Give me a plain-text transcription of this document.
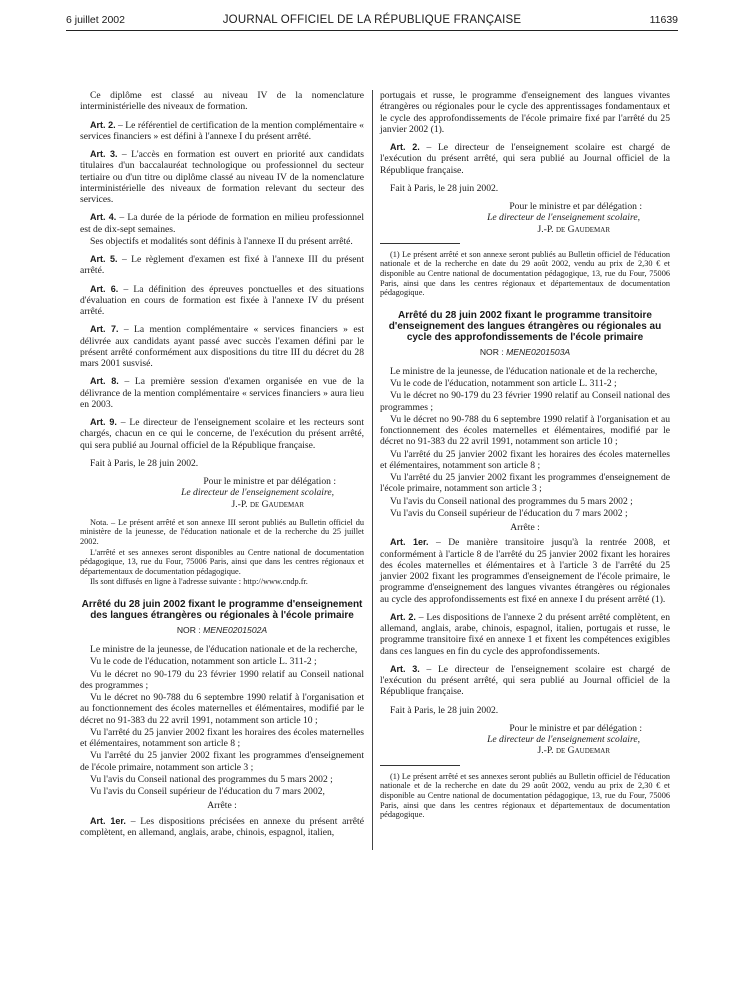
6 juillet 2002	JOURNAL OFFICIEL DE LA RÉPUBLIQUE FRANÇAISE	11639

Ce diplôme est classé au niveau IV de la nomenclature interministérielle des niveaux de formation.

Art. 2. – Le référentiel de certification de la mention complémentaire « services financiers » est défini à l'annexe I du présent arrêté.

Art. 3. – L'accès en formation est ouvert en priorité aux candidats titulaires d'un baccalauréat technologique ou professionnel du secteur tertiaire ou d'un titre ou diplôme classé au niveau IV de la nomenclature interministérielle des niveaux de formation relevant du secteur des services.

Art. 4. – La durée de la période de formation en milieu professionnel est de dix-sept semaines.

Ses objectifs et modalités sont définis à l'annexe II du présent arrêté.

Art. 5. – Le règlement d'examen est fixé à l'annexe III du présent arrêté.

Art. 6. – La définition des épreuves ponctuelles et des situations d'évaluation en cours de formation est fixée à l'annexe IV du présent arrêté.

Art. 7. – La mention complémentaire « services financiers » est délivrée aux candidats ayant passé avec succès l'examen défini par le présent arrêté conformément aux dispositions du titre III du décret du 28 mars 2001 susvisé.

Art. 8. – La première session d'examen organisée en vue de la délivrance de la mention complémentaire « services financiers » aura lieu en 2003.

Art. 9. – Le directeur de l'enseignement scolaire et les recteurs sont chargés, chacun en ce qui le concerne, de l'exécution du présent arrêté, qui sera publié au Journal officiel de la République française.

Fait à Paris, le 28 juin 2002.

Pour le ministre et par délégation :

Le directeur de l'enseignement scolaire,

J.-P. de Gaudemar

Nota. – Le présent arrêté et son annexe III seront publiés au Bulletin officiel du ministère de la jeunesse, de l'éducation nationale et de la recherche du 25 juillet 2002.

L'arrêté et ses annexes seront disponibles au Centre national de documentation pédagogique, 13, rue du Four, 75006 Paris, ainsi que dans les centres régionaux et départementaux de documentation pédagogique.

Ils sont diffusés en ligne à l'adresse suivante : http://www.cndp.fr.

Arrêté du 28 juin 2002 fixant le programme d'enseignement des langues étrangères ou régionales à l'école primaire

NOR : MENE0201502A

Le ministre de la jeunesse, de l'éducation nationale et de la recherche,

Vu le code de l'éducation, notamment son article L. 311-2 ;

Vu le décret no 90-179 du 23 février 1990 relatif au Conseil national des programmes ;

Vu le décret no 90-788 du 6 septembre 1990 relatif à l'organisation et au fonctionnement des écoles maternelles et élémentaires, modifié par le décret no 91-383 du 22 avril 1991, notamment son article 10 ;

Vu l'arrêté du 25 janvier 2002 fixant les horaires des écoles maternelles et élémentaires, notamment son article 8 ;

Vu l'arrêté du 25 janvier 2002 fixant les programmes d'enseignement de l'école primaire, notamment son article 3 ;

Vu l'avis du Conseil national des programmes du 5 mars 2002 ;

Vu l'avis du Conseil supérieur de l'éducation du 7 mars 2002,

Arrête :

Art. 1er. – Les dispositions précisées en annexe du présent arrêté complètent, en allemand, anglais, arabe, chinois, espagnol, italien,

portugais et russe, le programme d'enseignement des langues vivantes étrangères ou régionales pour le cycle des apprentissages fondamentaux et le cycle des approfondissements de l'école primaire fixé par l'arrêté du 25 janvier 2002 (1).

Art. 2. – Le directeur de l'enseignement scolaire est chargé de l'exécution du présent arrêté, qui sera publié au Journal officiel de la République française.

Fait à Paris, le 28 juin 2002.

Pour le ministre et par délégation :

Le directeur de l'enseignement scolaire,

J.-P. de Gaudemar

(1) Le présent arrêté et son annexe seront publiés au Bulletin officiel de l'éducation nationale et de la recherche en date du 29 août 2002, vendu au prix de 2,30 € et disponible au Centre national de documentation pédagogique, 13, rue du Four, 75006 Paris, ainsi que dans les centres régionaux et départementaux de documentation pédagogique.

Arrêté du 28 juin 2002 fixant le programme transitoire d'enseignement des langues étrangères ou régionales au cycle des approfondissements de l'école primaire

NOR : MENE0201503A

Le ministre de la jeunesse, de l'éducation nationale et de la recherche,

Vu le code de l'éducation, notamment son article L. 311-2 ;

Vu le décret no 90-179 du 23 février 1990 relatif au Conseil national des programmes ;

Vu le décret no 90-788 du 6 septembre 1990 relatif à l'organisation et au fonctionnement des écoles maternelles et élémentaires, modifié par le décret no 91-383 du 22 avril 1991, notamment son article 10 ;

Vu l'arrêté du 25 janvier 2002 fixant les horaires des écoles maternelles et élémentaires, notamment son article 8 ;

Vu l'arrêté du 25 janvier 2002 fixant les programmes d'enseignement de l'école primaire, notamment son article 3 ;

Vu l'avis du Conseil national des programmes du 5 mars 2002 ;

Vu l'avis du Conseil supérieur de l'éducation du 7 mars 2002 ;

Arrête :

Art. 1er. – De manière transitoire jusqu'à la rentrée 2008, et conformément à l'article 8 de l'arrêté du 25 janvier 2002 fixant les horaires des écoles maternelles et élémentaires et à l'article 3 de l'arrêté du 25 janvier 2002 fixant les programmes d'enseignement de l'école primaire, le programme d'enseignement des langues vivantes étrangères ou régionales au cycle des approfondissements est fixé en annexe I du présent arrêté (1).

Art. 2. – Les dispositions de l'annexe 2 du présent arrêté complètent, en allemand, anglais, arabe, chinois, espagnol, italien, portugais et russe, le programme transitoire fixé en annexe 1 et fixent les compétences exigibles dans ces langues en fin du cycle des approfondissements.

Art. 3. – Le directeur de l'enseignement scolaire est chargé de l'exécution du présent arrêté, qui sera publié au Journal officiel de la République française.

Fait à Paris, le 28 juin 2002.

Pour le ministre et par délégation :

Le directeur de l'enseignement scolaire,

J.-P. de Gaudemar

(1) Le présent arrêté et ses annexes seront publiés au Bulletin officiel de l'éducation nationale et de la recherche en date du 29 août 2002, vendu au prix de 2,30 € et disponible au Centre national de documentation pédagogique, 13, rue du Four, 75006 Paris, ainsi que dans les centres régionaux et départementaux de documentation pédagogique.
